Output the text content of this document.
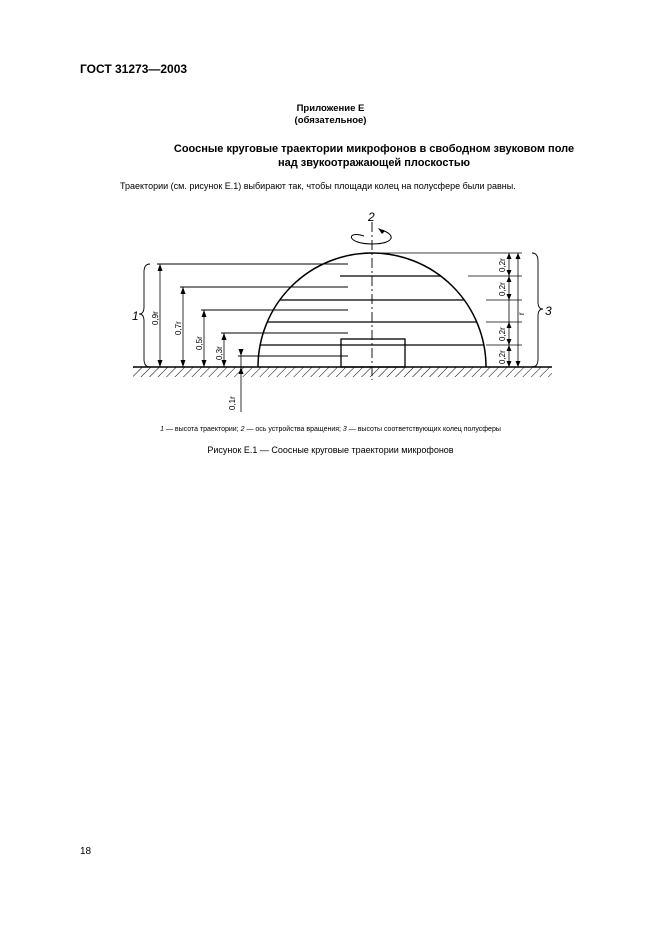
ГОСТ 31273—2003
Приложение Е
(обязательное)
Соосные круговые траектории микрофонов в свободном звуковом поле
над звукоотражающей плоскостью
Траектории (см. рисунок Е.1) выбирают так, чтобы площади колец на полусфере были равны.
2
0,9r
0,7r
0,5r
0,3r
0,1r
1
0,2r
0,2r
r
0,2r
0,2r
3
1 — высота траектории; 2 — ось устройства вращения; 3 — высоты соответствующих колец полусферы
Рисунок Е.1 — Соосные круговые траектории микрофонов
18
